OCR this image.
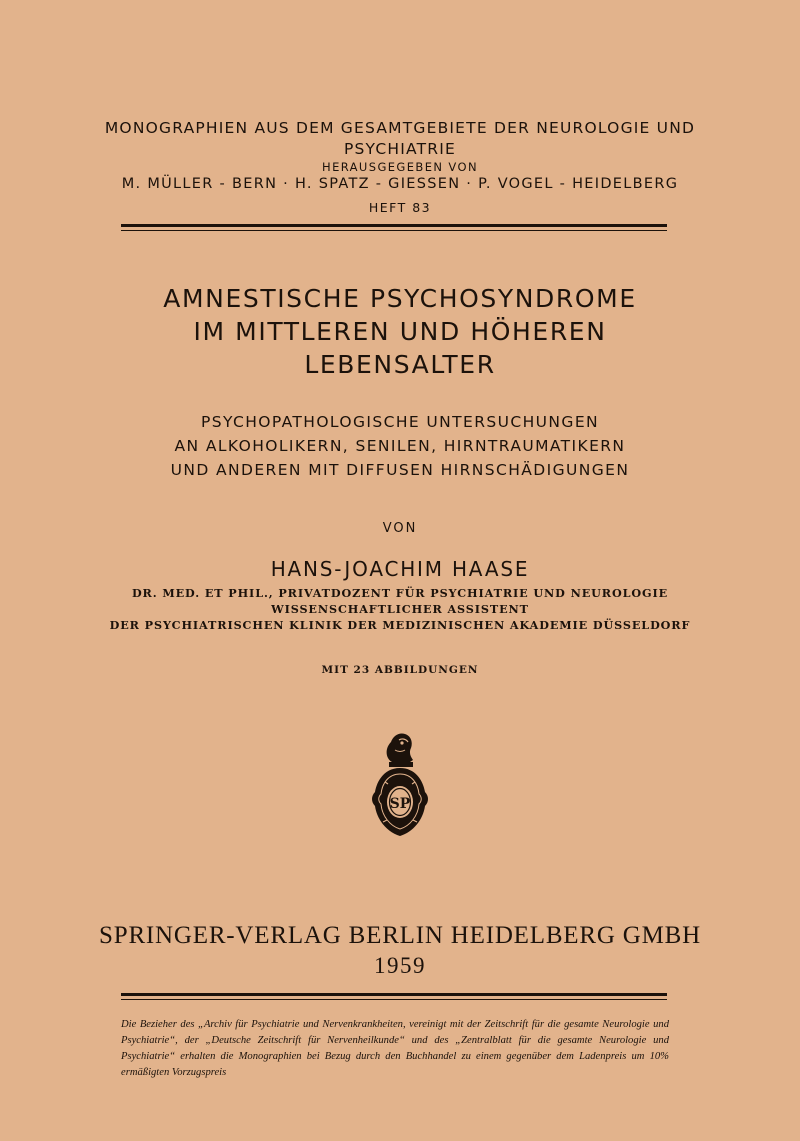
MONOGRAPHIEN AUS DEM GESAMTGEBIETE DER NEUROLOGIE UND
PSYCHIATRIE
HERAUSGEGEBEN VON
M. MÜLLER - BERN · H. SPATZ - GIESSEN · P. VOGEL - HEIDELBERG
HEFT 83
AMNESTISCHE PSYCHOSYNDROME
IM MITTLEREN UND HÖHEREN
LEBENSALTER
PSYCHOPATHOLOGISCHE UNTERSUCHUNGEN
AN ALKOHOLIKERN, SENILEN, HIRNTRAUMATIKERN
UND ANDEREN MIT DIFFUSEN HIRNSCHÄDIGUNGEN
VON
HANS-JOACHIM HAASE
DR. MED. ET PHIL., PRIVATDOZENT FÜR PSYCHIATRIE UND NEUROLOGIE
WISSENSCHAFTLICHER ASSISTENT
DER PSYCHIATRISCHEN KLINIK DER MEDIZINISCHEN AKADEMIE DÜSSELDORF
MIT 23 ABBILDUNGEN
SP
SPRINGER-VERLAG BERLIN HEIDELBERG GMBH
1959
Die Bezieher des „Archiv für Psychiatrie und Nervenkrankheiten, vereinigt mit der Zeitschrift für die gesamte Neurologie und Psychiatrie“, der „Deutsche Zeitschrift für Nervenheilkunde“ und des „Zentralblatt für die gesamte Neurologie und Psychiatrie“ erhalten die Monographien bei Bezug durch den Buchhandel zu einem gegenüber dem Ladenpreis um 10% ermäßigten Vorzugspreis
